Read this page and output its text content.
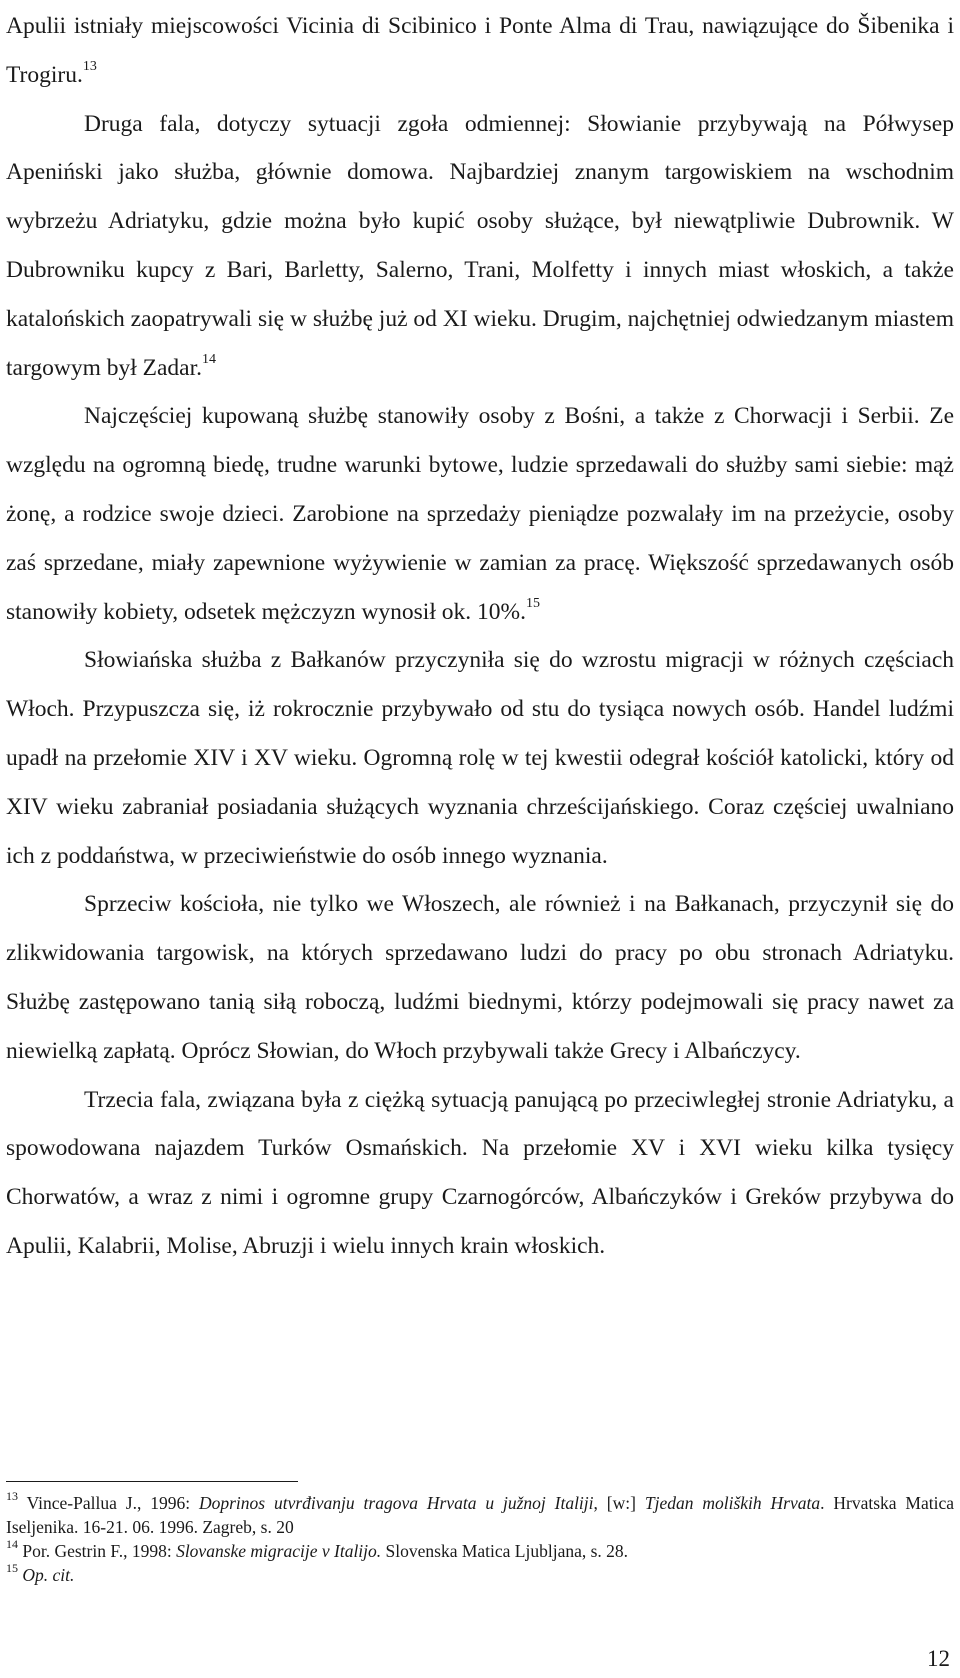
Apulii istniały miejscowości Vicinia di Scibinico i Ponte Alma di Trau, nawiązujące do Šibenika i Trogiru.$^{13}$

Druga fala, dotyczy sytuacji zgoła odmiennej: Słowianie przybywają na Półwysep Apeniński jako służba, głównie domowa. Najbardziej znanym targowiskiem na wschodnim wybrzeżu Adriatyku, gdzie można było kupić osoby służące, był niewątpliwie Dubrownik. W Dubrowniku kupcy z Bari, Barletty, Salerno, Trani, Molfetty i innych miast włoskich, a także katalońskich zaopatrywali się w służbę już od XI wieku. Drugim, najchętniej odwiedzanym miastem targowym był Zadar.$^{14}$

Najczęściej kupowaną służbę stanowiły osoby z Bośni, a także z Chorwacji i Serbii. Ze względu na ogromną biedę, trudne warunki bytowe, ludzie sprzedawali do służby sami siebie: mąż żonę, a rodzice swoje dzieci. Zarobione na sprzedaży pieniądze pozwalały im na przeżycie, osoby zaś sprzedane, miały zapewnione wyżywienie w zamian za pracę. Większość sprzedawanych osób stanowiły kobiety, odsetek mężczyzn wynosił ok. 10%.$^{15}$

Słowiańska służba z Bałkanów przyczyniła się do wzrostu migracji w różnych częściach Włoch. Przypuszcza się, iż rokrocznie przybywało od stu do tysiąca nowych osób. Handel ludźmi upadł na przełomie XIV i XV wieku. Ogromną rolę w tej kwestii odegrał kościół katolicki, który od XIV wieku zabraniał posiadania służących wyznania chrześcijańskiego. Coraz częściej uwalniano ich z poddaństwa, w przeciwieństwie do osób innego wyznania.

Sprzeciw kościoła, nie tylko we Włoszech, ale również i na Bałkanach, przyczynił się do zlikwidowania targowisk, na których sprzedawano ludzi do pracy po obu stronach Adriatyku. Służbę zastępowano tanią siłą roboczą, ludźmi biednymi, którzy podejmowali się pracy nawet za niewielką zapłatą. Oprócz Słowian, do Włoch przybywali także Grecy i Albańczycy.

Trzecia fala, związana była z ciężką sytuacją panującą po przeciwległej stronie Adriatyku, a spowodowana najazdem Turków Osmańskich. Na przełomie XV i XVI wieku kilka tysięcy Chorwatów, a wraz z nimi i ogromne grupy Czarnogórców, Albańczyków i Greków przybywa do Apulii, Kalabrii, Molise, Abruzji i wielu innych krain włoskich.

$^{13}$ Vince-Pallua J., 1996: Doprinos utvrđivanju tragova Hrvata u južnoj Italiji, [w:] Tjedan moliških Hrvata. Hrvatska Matica Iseljenika. 16-21. 06. 1996. Zagreb, s. 20

$^{14}$ Por. Gestrin F., 1998: Slovanske migracije v Italijo. Slovenska Matica Ljubljana, s. 28.

$^{15}$ Op. cit.

12
